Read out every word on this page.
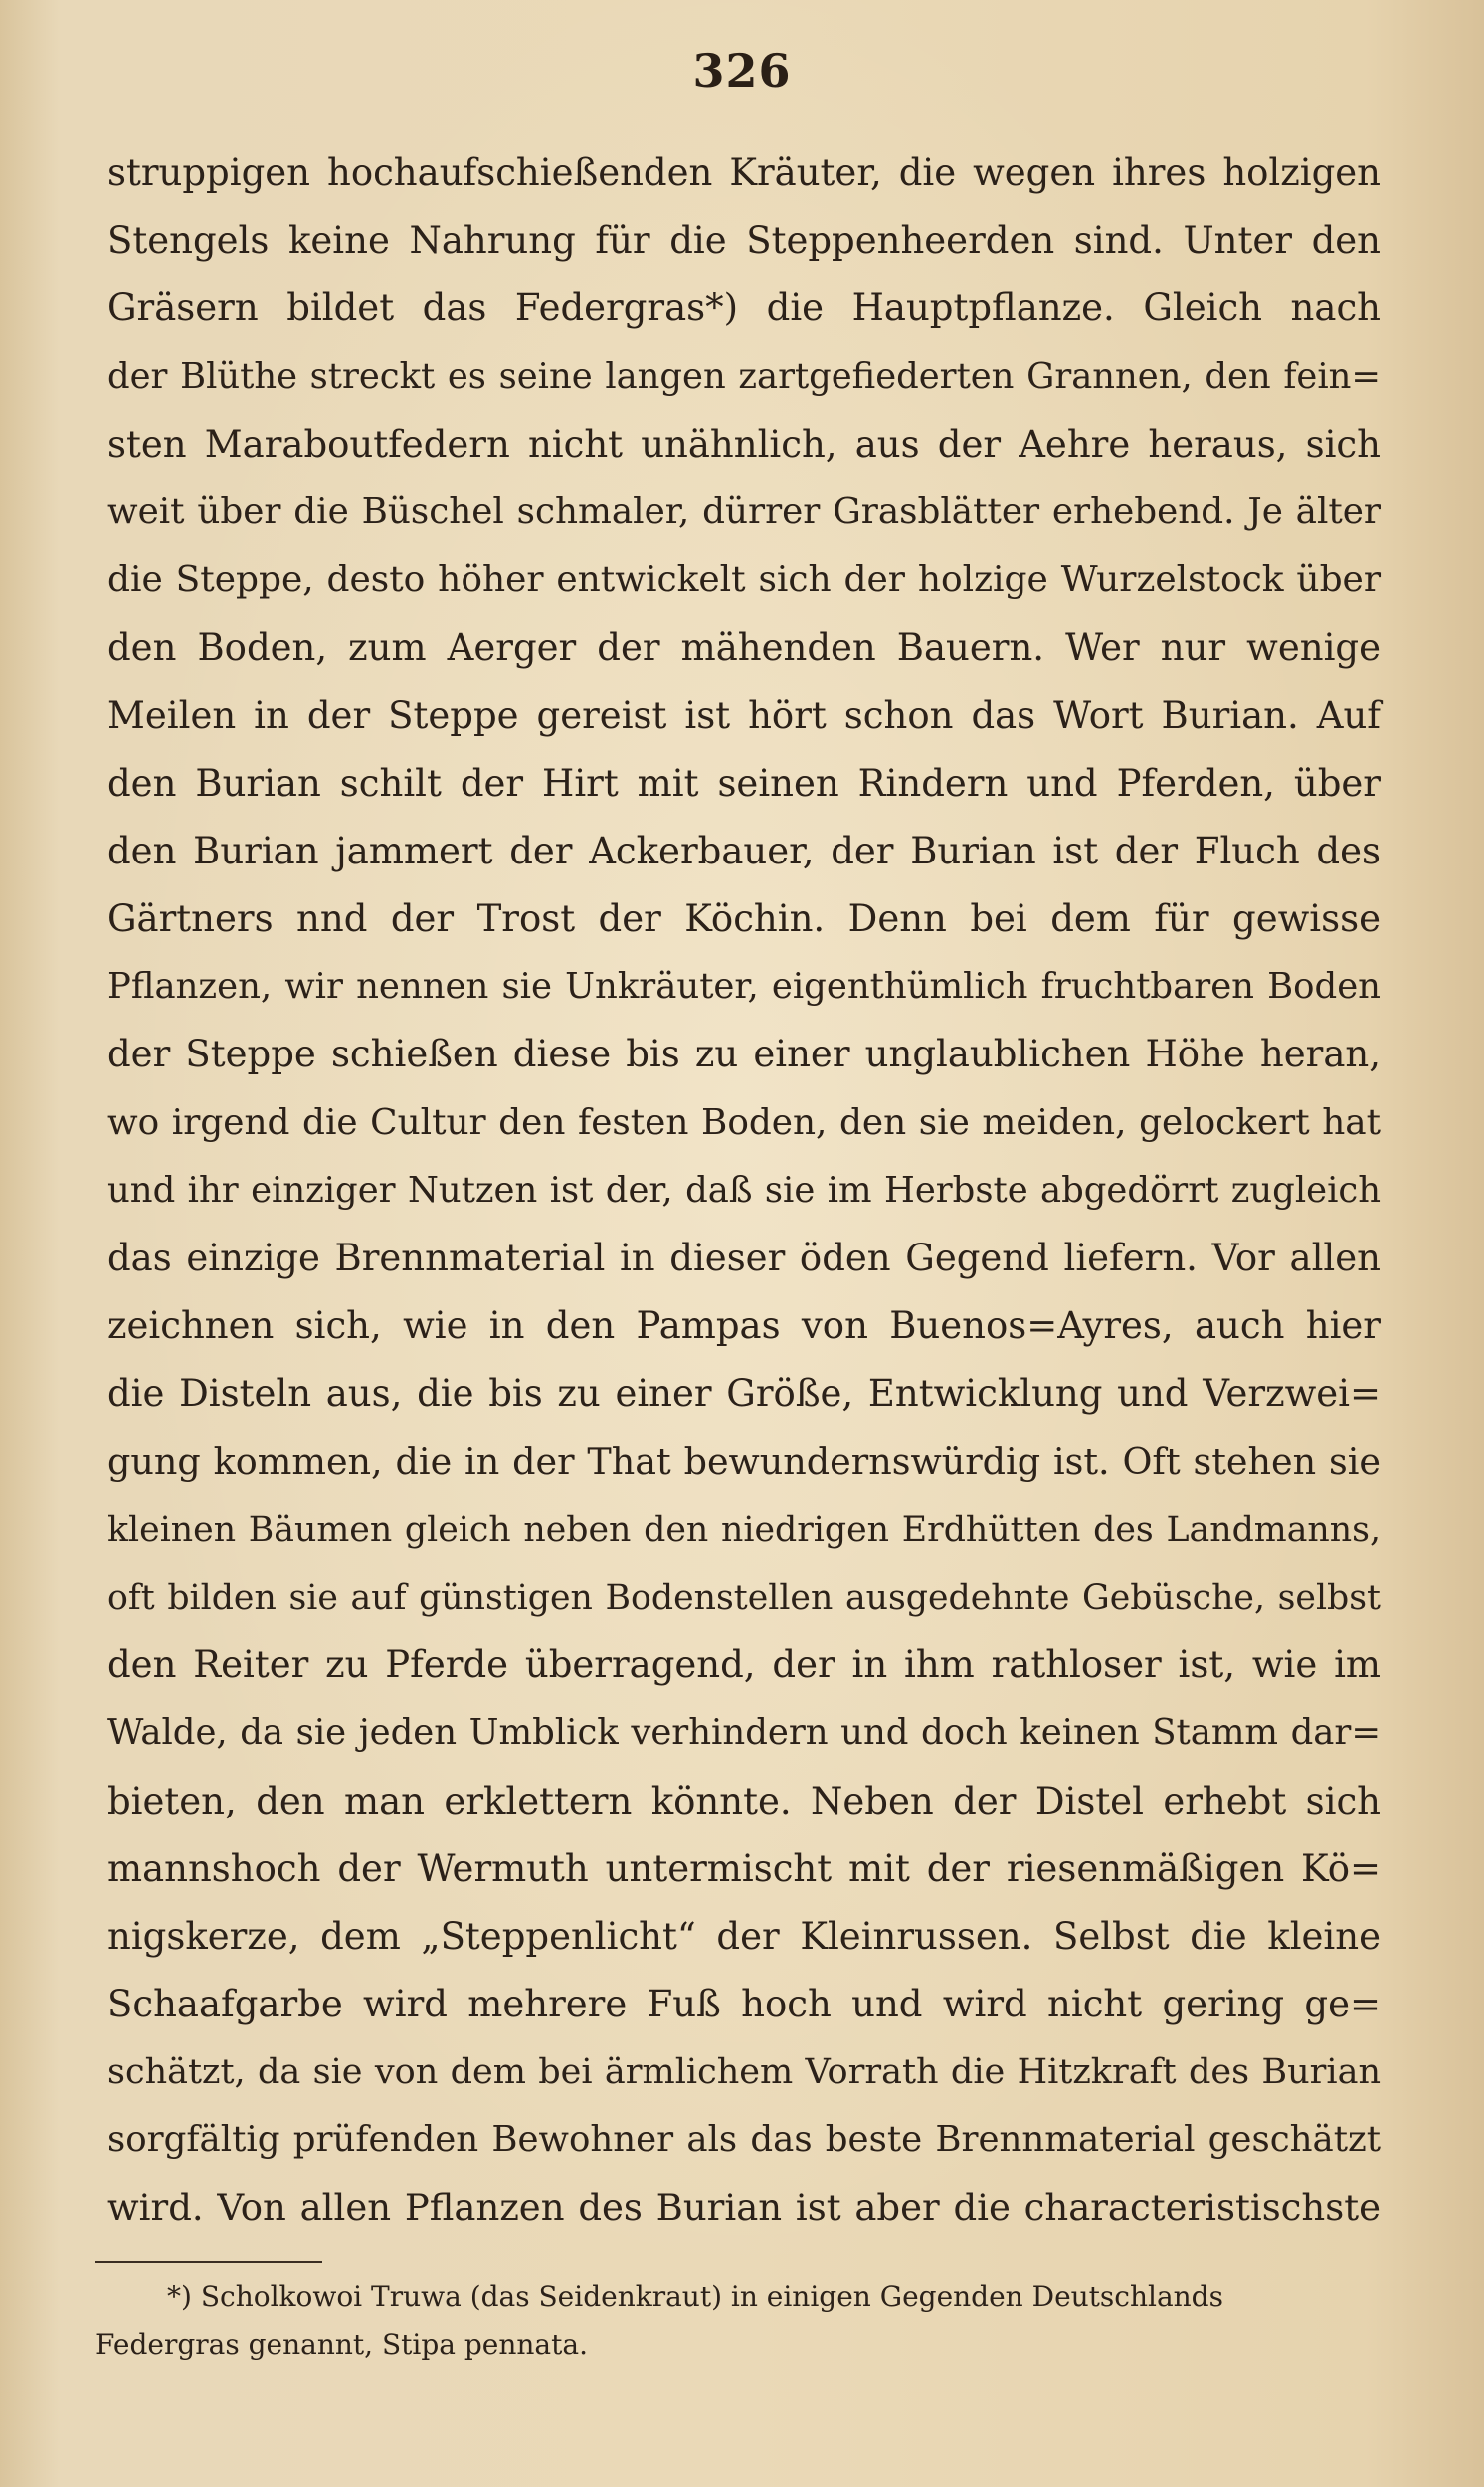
326
struppigen hochaufschießenden Kräuter, die wegen ihres holzigen
Stengels keine Nahrung für die Steppenheerden sind. Unter den
Gräsern bildet das Federgras*) die Hauptpflanze. Gleich nach
der Blüthe streckt es seine langen zartgefiederten Grannen, den fein=
sten Maraboutfedern nicht unähnlich, aus der Aehre heraus, sich
weit über die Büschel schmaler, dürrer Grasblätter erhebend. Je älter
die Steppe, desto höher entwickelt sich der holzige Wurzelstock über
den Boden, zum Aerger der mähenden Bauern. Wer nur wenige
Meilen in der Steppe gereist ist hört schon das Wort Burian. Auf
den Burian schilt der Hirt mit seinen Rindern und Pferden, über
den Burian jammert der Ackerbauer, der Burian ist der Fluch des
Gärtners nnd der Trost der Köchin. Denn bei dem für gewisse
Pflanzen, wir nennen sie Unkräuter, eigenthümlich fruchtbaren Boden
der Steppe schießen diese bis zu einer unglaublichen Höhe heran,
wo irgend die Cultur den festen Boden, den sie meiden, gelockert hat
und ihr einziger Nutzen ist der, daß sie im Herbste abgedörrt zugleich
das einzige Brennmaterial in dieser öden Gegend liefern. Vor allen
zeichnen sich, wie in den Pampas von Buenos=Ayres, auch hier
die Disteln aus, die bis zu einer Größe, Entwicklung und Verzwei=
gung kommen, die in der That bewundernswürdig ist. Oft stehen sie
kleinen Bäumen gleich neben den niedrigen Erdhütten des Landmanns,
oft bilden sie auf günstigen Bodenstellen ausgedehnte Gebüsche, selbst
den Reiter zu Pferde überragend, der in ihm rathloser ist, wie im
Walde, da sie jeden Umblick verhindern und doch keinen Stamm dar=
bieten, den man erklettern könnte. Neben der Distel erhebt sich
mannshoch der Wermuth untermischt mit der riesenmäßigen Kö=
nigskerze, dem „Steppenlicht“ der Kleinrussen. Selbst die kleine
Schaafgarbe wird mehrere Fuß hoch und wird nicht gering ge=
schätzt, da sie von dem bei ärmlichem Vorrath die Hitzkraft des Burian
sorgfältig prüfenden Bewohner als das beste Brennmaterial geschätzt
wird. Von allen Pflanzen des Burian ist aber die characteristischste
*) Scholkowoi Truwa (das Seidenkraut) in einigen Gegenden Deutschlands
Federgras genannt, Stipa pennata.
